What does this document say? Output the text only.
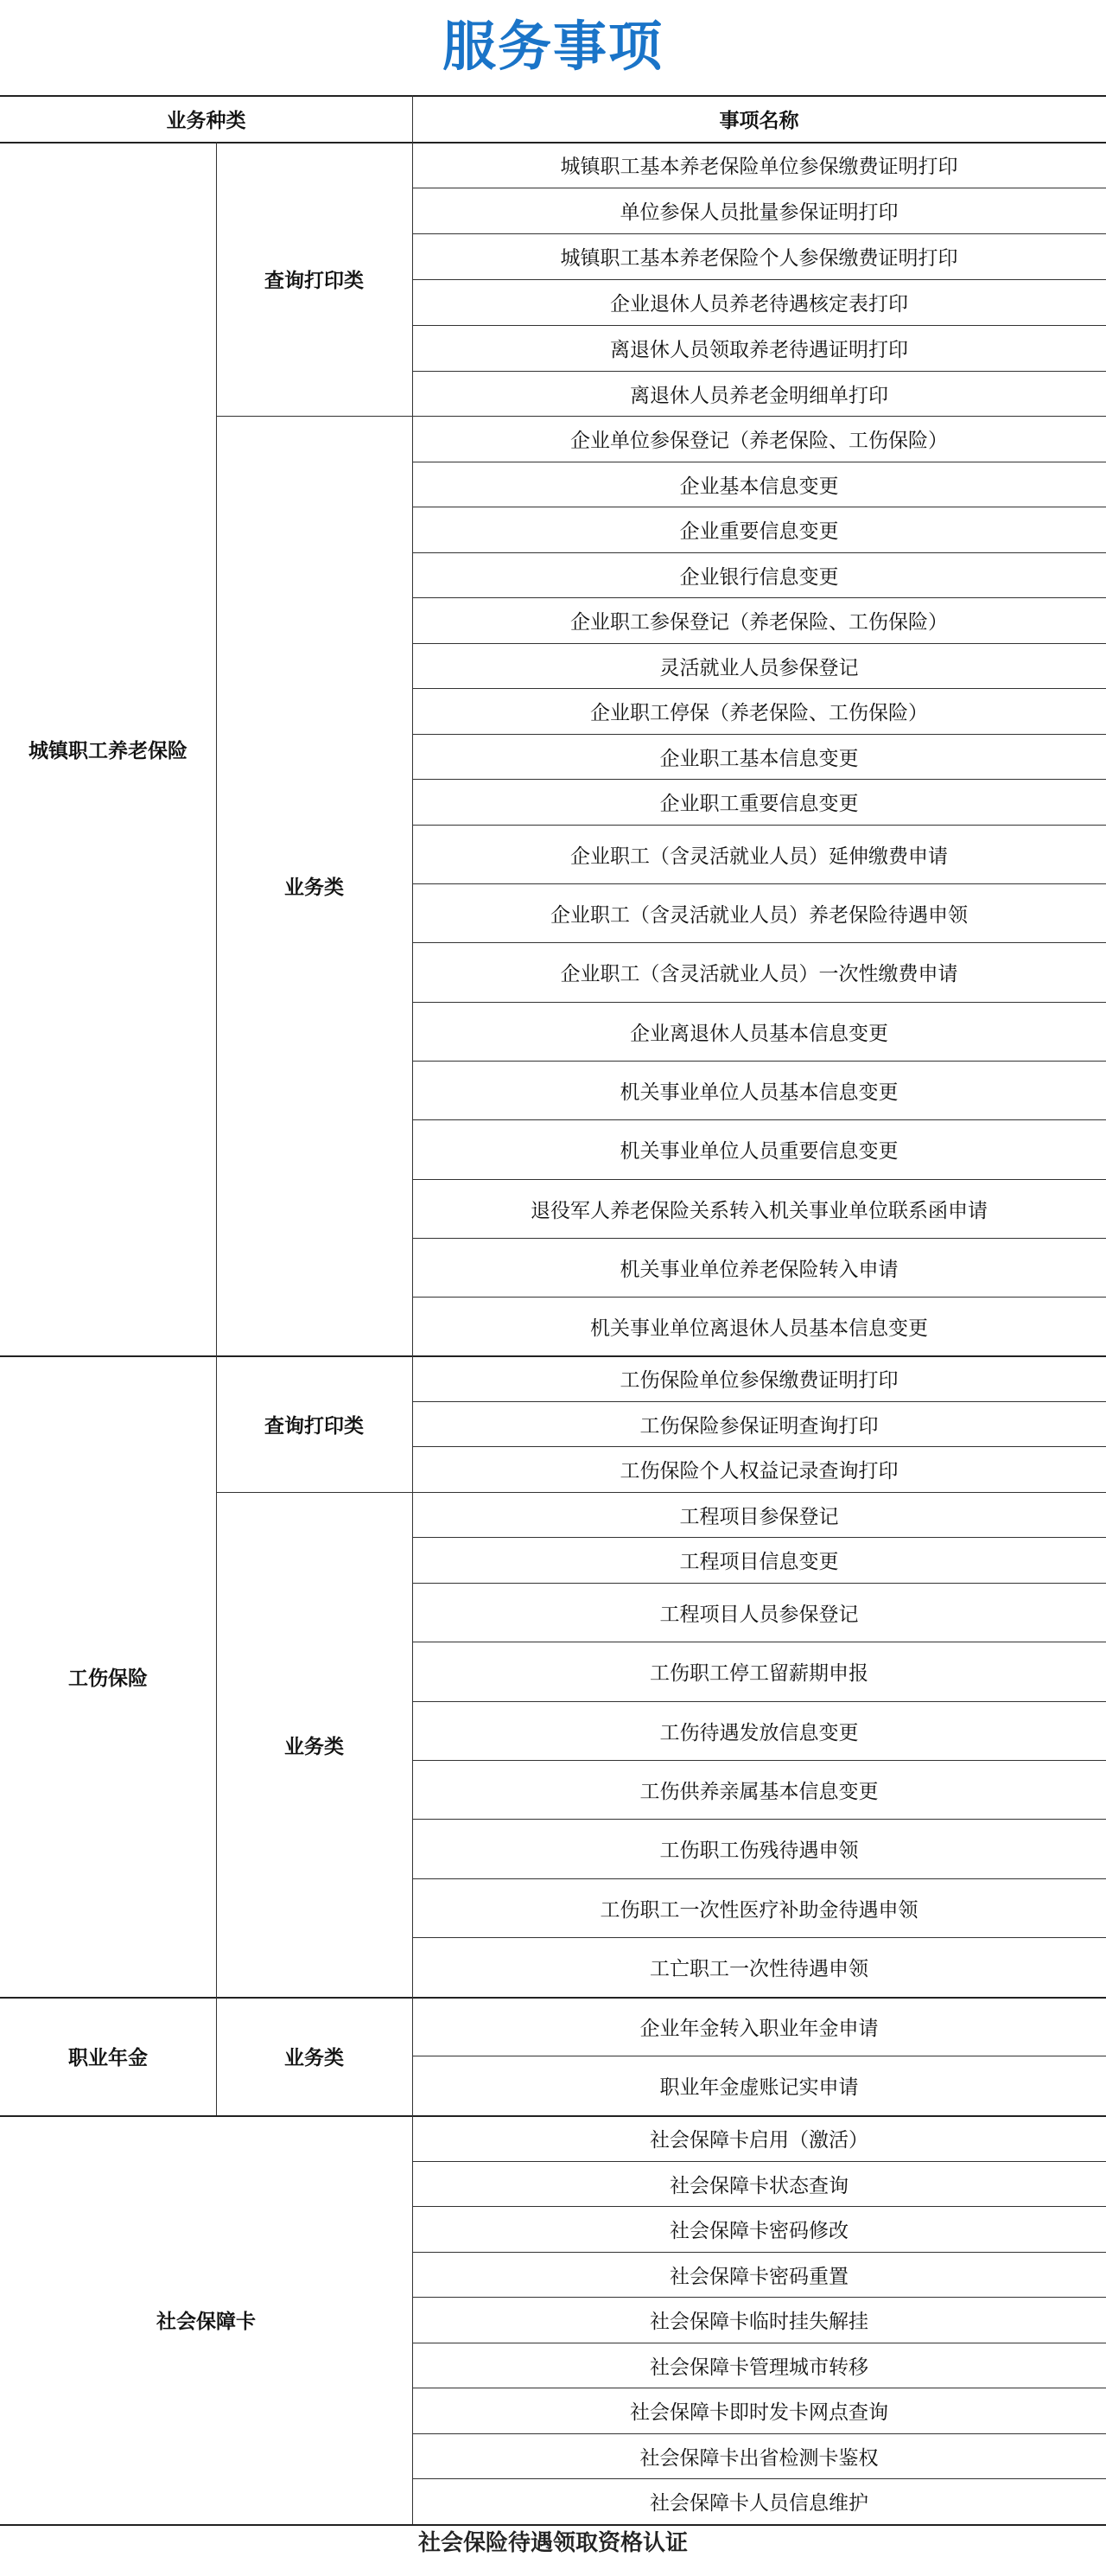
服务事项
业务种类	事项名称
城镇职工基本养老保险单位参保缴费证明打印
单位参保人员批量参保证明打印
城镇职工基本养老保险个人参保缴费证明打印
企业退休人员养老待遇核定表打印
离退休人员领取养老待遇证明打印
离退休人员养老金明细单打印
查询打印类
企业单位参保登记（养老保险、工伤保险）
企业基本信息变更
企业重要信息变更
企业银行信息变更
企业职工参保登记（养老保险、工伤保险）
灵活就业人员参保登记
企业职工停保（养老保险、工伤保险）
企业职工基本信息变更
企业职工重要信息变更
企业职工（含灵活就业人员）延伸缴费申请
企业职工（含灵活就业人员）养老保险待遇申领
企业职工（含灵活就业人员）一次性缴费申请
企业离退休人员基本信息变更
机关事业单位人员基本信息变更
机关事业单位人员重要信息变更
退役军人养老保险关系转入机关事业单位联系函申请
机关事业单位养老保险转入申请
机关事业单位离退休人员基本信息变更
业务类
城镇职工养老保险
工伤保险单位参保缴费证明打印
工伤保险参保证明查询打印
工伤保险个人权益记录查询打印
查询打印类
工程项目参保登记
工程项目信息变更
工程项目人员参保登记
工伤职工停工留薪期申报
工伤待遇发放信息变更
工伤供养亲属基本信息变更
工伤职工伤残待遇申领
工伤职工一次性医疗补助金待遇申领
工亡职工一次性待遇申领
业务类
工伤保险
企业年金转入职业年金申请
职业年金虚账记实申请
业务类
职业年金
社会保障卡启用（激活）
社会保障卡状态查询
社会保障卡密码修改
社会保障卡密码重置
社会保障卡临时挂失解挂
社会保障卡管理城市转移
社会保障卡即时发卡网点查询
社会保障卡出省检测卡鉴权
社会保障卡人员信息维护
社会保障卡
社会保险待遇领取资格认证
